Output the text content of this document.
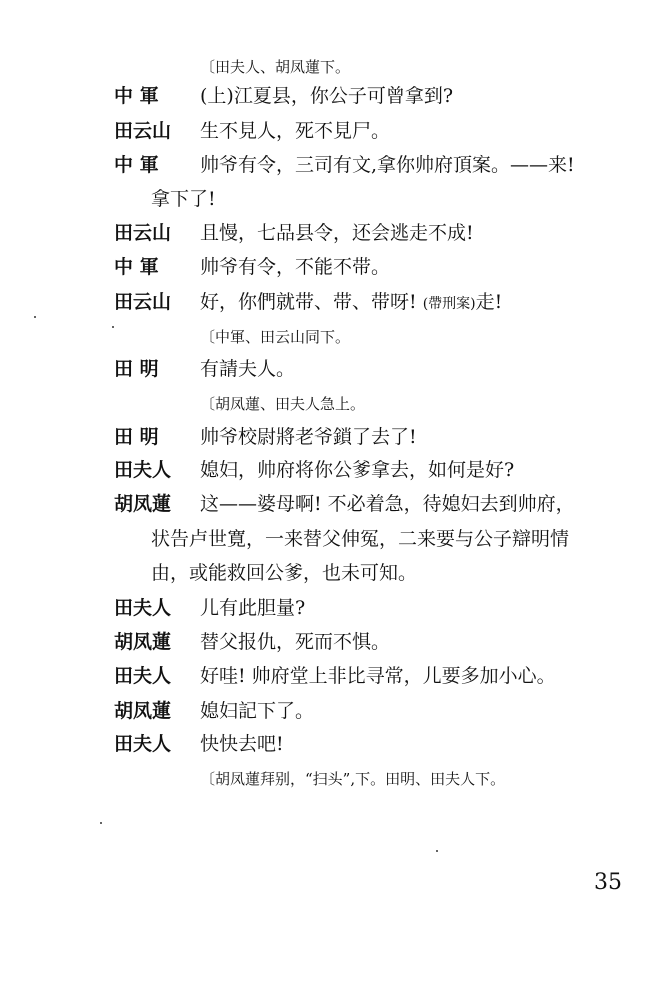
〔田夫人、胡凤蓮下。
中 軍 (上)江夏县，你公子可曾拿到?
田云山 生不見人，死不見尸。
中 軍 帅爷有令，三司有文,拿你帅府頂案。——来!
拿下了!
田云山 且慢，七品县令，还会逃走不成!
中 軍 帅爷有令，不能不带。
田云山 好，你們就带、带、带呀! (帶刑案)走!
〔中軍、田云山同下。
田 明 有請夫人。
〔胡凤蓮、田夫人急上。
田 明 帅爷校尉將老爷鎖了去了!
田夫人 媳妇，帅府将你公爹拿去，如何是好?
胡凤蓮 这——婆母啊! 不必着急，待媳妇去到帅府，
状告卢世寛，一来替父伸冤，二来要与公子辯明情
由，或能救回公爹，也未可知。
田夫人 儿有此胆量?
胡凤蓮 替父报仇，死而不惧。
田夫人 好哇! 帅府堂上非比寻常，儿要多加小心。
胡凤蓮 媳妇記下了。
田夫人 快快去吧!
〔胡凤蓮拜别，“扫头”,下。田明、田夫人下。
35
